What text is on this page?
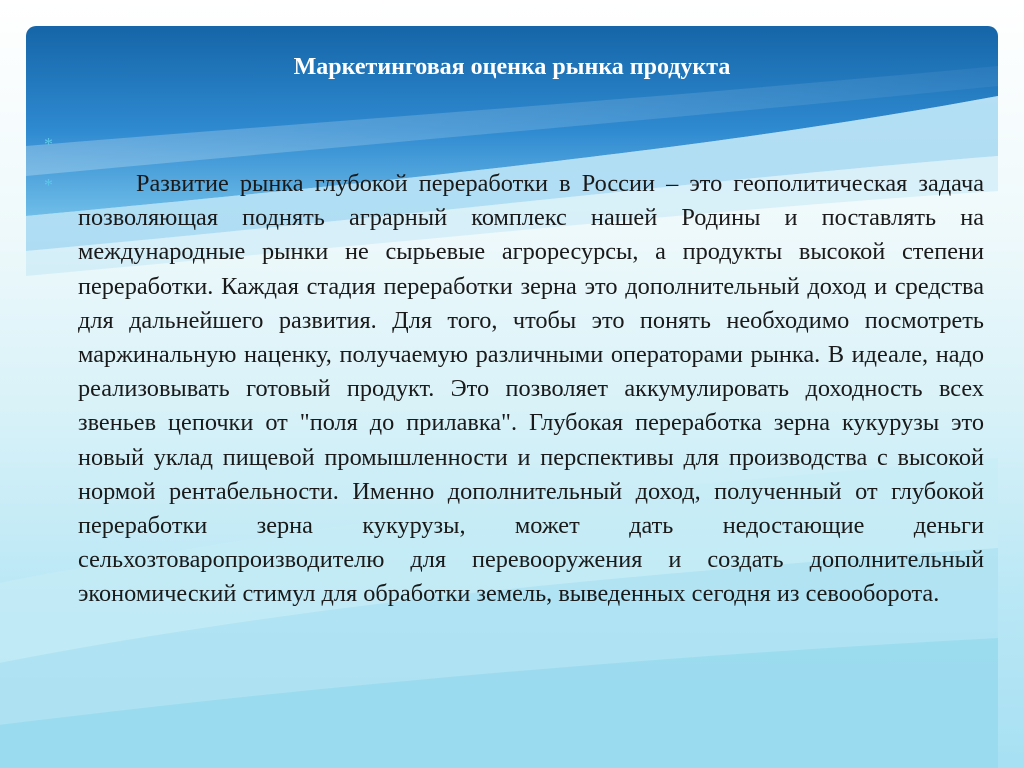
Маркетинговая оценка рынка продукта
*
*	Развитие рынка глубокой переработки в России – это геополитическая задача позволяющая поднять аграрный комплекс нашей Родины и поставлять на международные рынки не сырьевые агроресурсы, а продукты высокой степени переработки. Каждая стадия переработки зерна это дополнительный доход и средства для дальнейшего развития. Для того, чтобы это понять необходимо посмотреть маржинальную наценку, получаемую различными операторами рынка. В идеале, надо реализовывать готовый продукт. Это позволяет аккумулировать доходность всех звеньев цепочки от "поля до прилавка". Глубокая переработка зерна кукурузы это новый уклад пищевой промышленности и перспективы для производства с высокой нормой рентабельности. Именно дополнительный доход, полученный от глубокой переработки зерна кукурузы, может дать недостающие деньги сельхозтоваропроизводителю для перевооружения и создать дополнительный экономический стимул для обработки земель, выведенных сегодня из севооборота.
